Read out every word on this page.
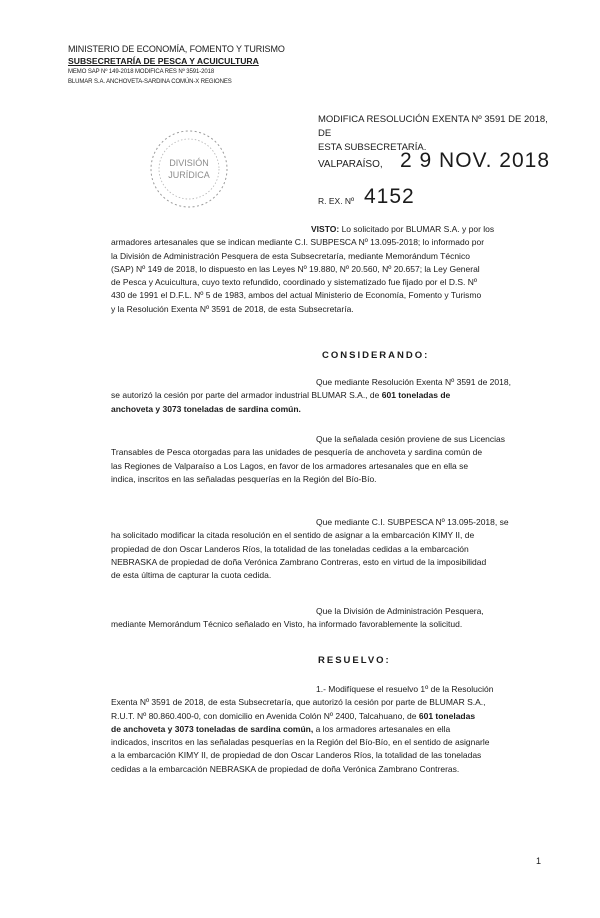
MINISTERIO DE ECONOMÍA, FOMENTO Y TURISMO
SUBSECRETARÍA DE PESCA Y ACUICULTURA
MEMO SAP Nº 149-2018 MODIFICA RES Nº 3591-2018
BLUMAR S.A. ANCHOVETA-SARDINA COMÚN-X REGIONES
DIVISIÓN
JURÍDICA
MODIFICA RESOLUCIÓN EXENTA Nº 3591 DE 2018, DE
ESTA SUBSECRETARÍA.
VALPARAÍSO, 2 9 NOV. 2018
R. EX. Nº 4152
VISTO: Lo solicitado por BLUMAR S.A. y por los
armadores artesanales que se indican mediante C.I. SUBPESCA Nº 13.095-2018; lo informado por
la División de Administración Pesquera de esta Subsecretaría, mediante Memorándum Técnico
(SAP) Nº 149 de 2018, lo dispuesto en las Leyes Nº 19.880, Nº 20.560, Nº 20.657; la Ley General
de Pesca y Acuicultura, cuyo texto refundido, coordinado y sistematizado fue fijado por el D.S. Nº
430 de 1991 el D.F.L. Nº 5 de 1983, ambos del actual Ministerio de Economía, Fomento y Turismo
y la Resolución Exenta Nº 3591 de 2018, de esta Subsecretaría.
CONSIDERANDO:
Que mediante Resolución Exenta Nº 3591 de 2018,
se autorizó la cesión por parte del armador industrial BLUMAR S.A., de 601 toneladas de
anchoveta y 3073 toneladas de sardina común.
Que la señalada cesión proviene de sus Licencias
Transables de Pesca otorgadas para las unidades de pesquería de anchoveta y sardina común de
las Regiones de Valparaíso a Los Lagos, en favor de los armadores artesanales que en ella se
indica, inscritos en las señaladas pesquerías en la Región del Bío-Bío.
Que mediante C.I. SUBPESCA Nº 13.095-2018, se
ha solicitado modificar la citada resolución en el sentido de asignar a la embarcación KIMY II, de
propiedad de don Oscar Landeros Ríos, la totalidad de las toneladas cedidas a la embarcación
NEBRASKA de propiedad de doña Verónica Zambrano Contreras, esto en virtud de la imposibilidad
de esta última de capturar la cuota cedida.
Que la División de Administración Pesquera,
mediante Memorándum Técnico señalado en Visto, ha informado favorablemente la solicitud.
RESUELVO:
1.- Modifíquese el resuelvo 1º de la Resolución
Exenta Nº 3591 de 2018, de esta Subsecretaría, que autorizó la cesión por parte de BLUMAR S.A.,
R.U.T. Nº 80.860.400-0, con domicilio en Avenida Colón Nº 2400, Talcahuano, de 601 toneladas
de anchoveta y 3073 toneladas de sardina común, a los armadores artesanales en ella
indicados, inscritos en las señaladas pesquerías en la Región del Bío-Bío, en el sentido de asignarle
a la embarcación KIMY II, de propiedad de don Oscar Landeros Ríos, la totalidad de las toneladas
cedidas a la embarcación NEBRASKA de propiedad de doña Verónica Zambrano Contreras.
1
